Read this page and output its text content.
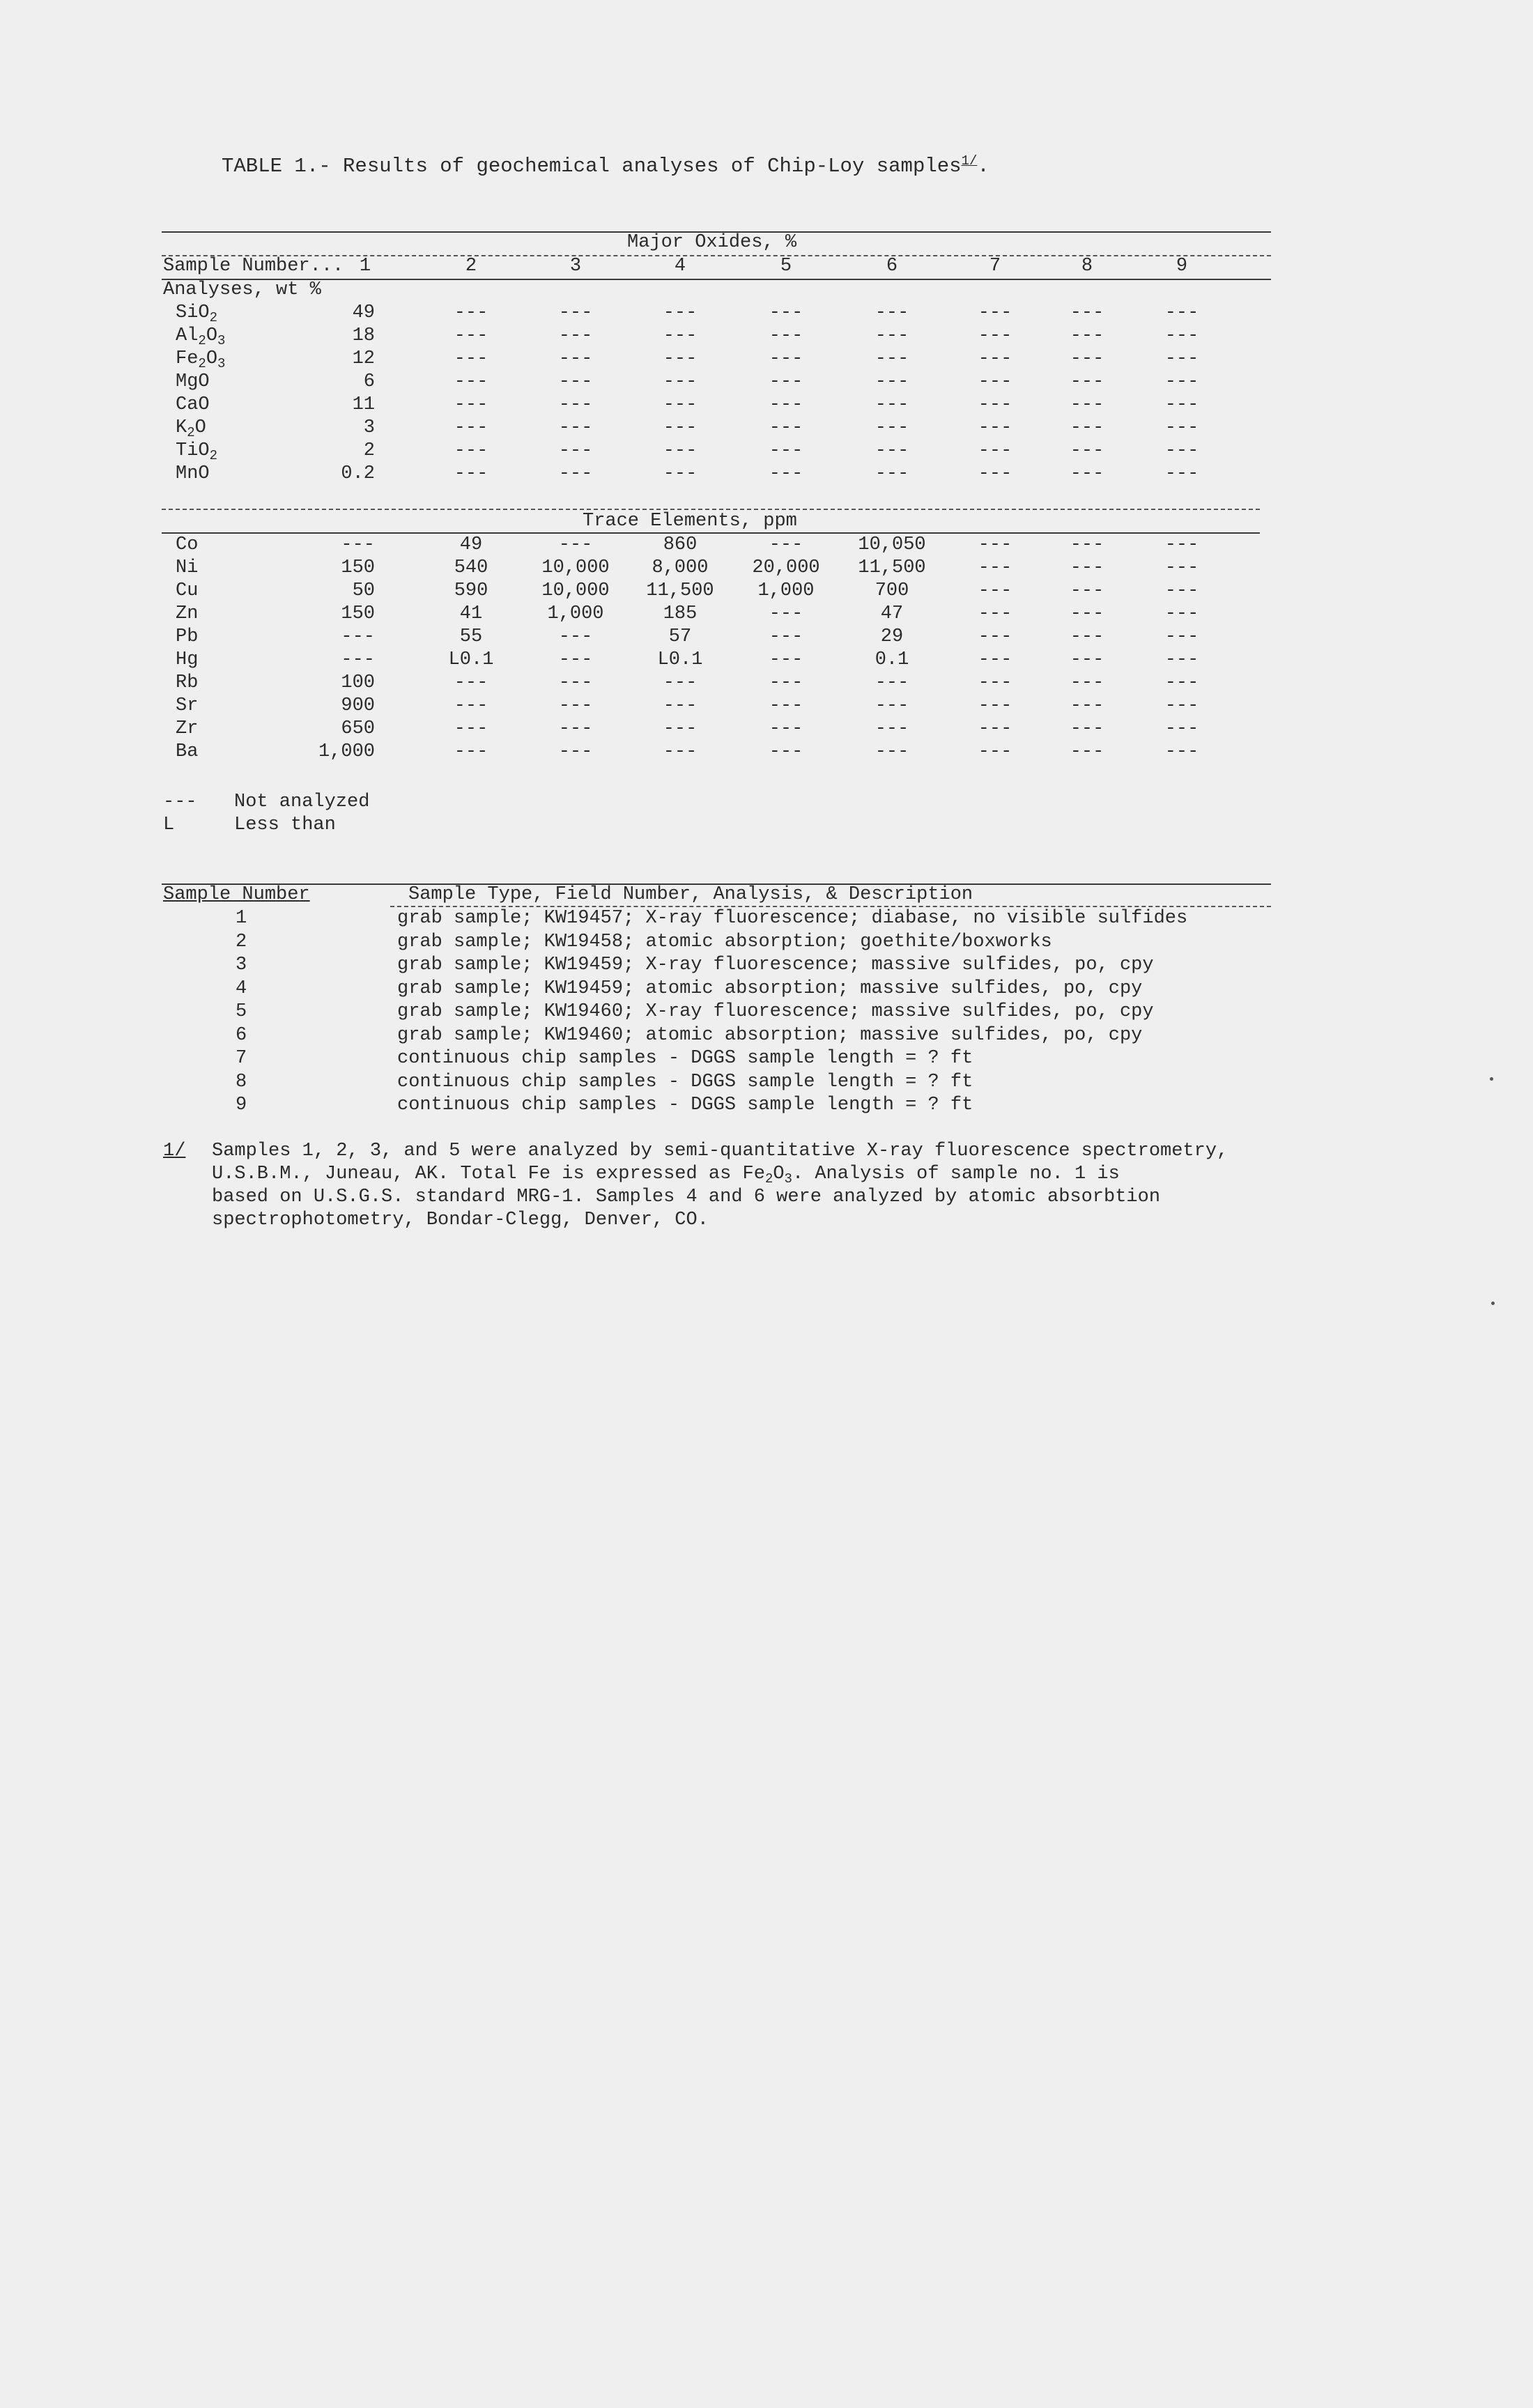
TABLE 1.- Results of geochemical analyses of Chip-Loy samples$^{1/}$.
Major Oxides, %
Sample Number... 1	2	3	4	5	6	7	8	9
Analyses, wt %
SiO$_2$	49	---	---	---	---	---	---	---	---
$Al_2O_3$	18	---	---	---	---	---	---	---	---
$Fe_2O_3$	12	---	---	---	---	---	---	---	---
MgO	6	---	---	---	---	---	---	---	---
CaO	11	---	---	---	---	---	---	---	---
$K_2O$	3	---	---	---	---	---	---	---	---
TiO$_2$	2	---	---	---	---	---	---	---	---
MnO	0.2	---	---	---	---	---	---	---	---
Trace Elements, ppm
Co	---	49	---	860	---	10,050	---	---	---
Ni	150	540	10,000	8,000	20,000	11,500	---	---	---
Cu	50	590	10,000	11,500	1,000	700	---	---	---
Zn	150	41	1,000	185	---	47	---	---	---
Pb	---	55	---	57	---	29	---	---	---
Hg	---	L0.1	---	L0.1	---	0.1	---	---	---
Rb	100	---	---	---	---	---	---	---	---
Sr	900	---	---	---	---	---	---	---	---
Zr	650	---	---	---	---	---	---	---	---
Ba	1,000	---	---	---	---	---	---	---	---
--- Not analyzed
L	Less than
Sample Number	Sample Type, Field Number, Analysis, & Description
1	grab sample; KW19457; X-ray fluorescence; diabase, no visible sulfides
2	grab sample; KW19458; atomic absorption; goethite/boxworks
3	grab sample; KW19459; X-ray fluorescence; massive sulfides, po, cpy
4	grab sample; KW19459; atomic absorption; massive sulfides, po, cpy
5	grab sample; KW19460; X-ray fluorescence; massive sulfides, po, cpy
6	grab sample; KW19460; atomic absorption; massive sulfides, po, cpy
7	continuous chip samples - DGGS sample length = ? ft
8	continuous chip samples - DGGS sample length = ? ft
9	continuous chip samples - DGGS sample length = ? ft
1/ Samples 1, 2, 3, and 5 were analyzed by semi-quantitative X-ray fluorescence spectrometry,
U.S.B.M., Juneau, AK. Total Fe is expressed as $Fe_2O_3$. Analysis of sample no. 1 is
based on U.S.G.S. standard MRG-1. Samples 4 and 6 were analyzed by atomic absorbtion
spectrophotometry, Bondar-Clegg, Denver, CO.
